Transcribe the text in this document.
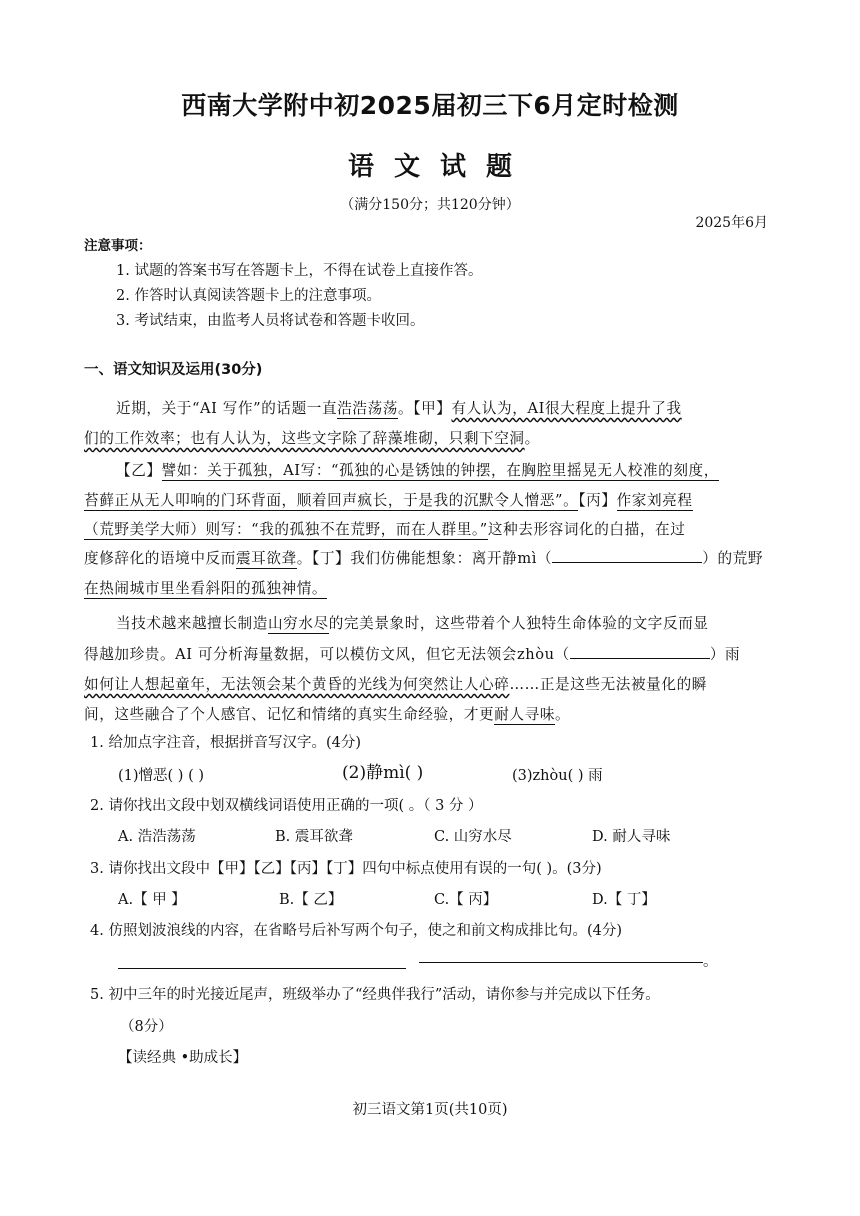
西南大学附中初2025届初三下6月定时检测
语文试题
（满分150分；共120分钟）
2025年6月
注意事项：
1. 试题的答案书写在答题卡上，不得在试卷上直接作答。
2. 作答时认真阅读答题卡上的注意事项。
3. 考试结束，由监考人员将试卷和答题卡收回。
一、语文知识及运用(30分)
近期，关于“AI 写作”的话题一直浩浩荡荡。【甲】有人认为，AI很大程度上提升了我
们的工作效率；也有人认为，这些文字除了辞藻堆砌，只剩下空洞。
【乙】譬如：关于孤独，AI写：“孤独的心是锈蚀的钟摆，在胸腔里摇晃无人校准的刻度，
苔藓正从无人叩响的门环背面，顺着回声疯长，于是我的沉默令人憎恶”。【丙】作家刘亮程
（荒野美学大师）则写：“我的孤独不在荒野，而在人群里。”这种去形容词化的白描，在过
度修辞化的语境中反而震耳欲聋。【丁】我们仿佛能想象：离开静mì（	）的荒野
在热闹城市里坐看斜阳的孤独神情。
当技术越来越擅长制造山穷水尽的完美景象时，这些带着个人独特生命体验的文字反而显
得越加珍贵。AI 可分析海量数据，可以模仿文风，但它无法领会zhòu（	）雨
如何让人想起童年，无法领会某个黄昏的光线为何突然让人心碎……正是这些无法被量化的瞬
间，这些融合了个人感官、记忆和情绪的真实生命经验，才更耐人寻味。
1. 给加点字注音，根据拼音写汉字。(4分)
(1)憎恶( ) ( )	(2)静mì( )	(3)zhòu( ) 雨
2. 请你找出文段中划双横线词语使用正确的一项( 。（ 3 分 ）
A. 浩浩荡荡	B. 震耳欲聋	C. 山穷水尽	D. 耐人寻味
3. 请你找出文段中【甲】【乙】【丙】【丁】四句中标点使用有误的一句( )。(3分)
A.【 甲 】	B.【 乙】	C.【 丙】	D.【 丁】
4. 仿照划波浪线的内容，在省略号后补写两个句子，使之和前文构成排比句。(4分)
。
5. 初中三年的时光接近尾声，班级举办了“经典伴我行”活动，请你参与并完成以下任务。
（8分）
【读经典 •助成长】
初三语文第1页(共10页)
